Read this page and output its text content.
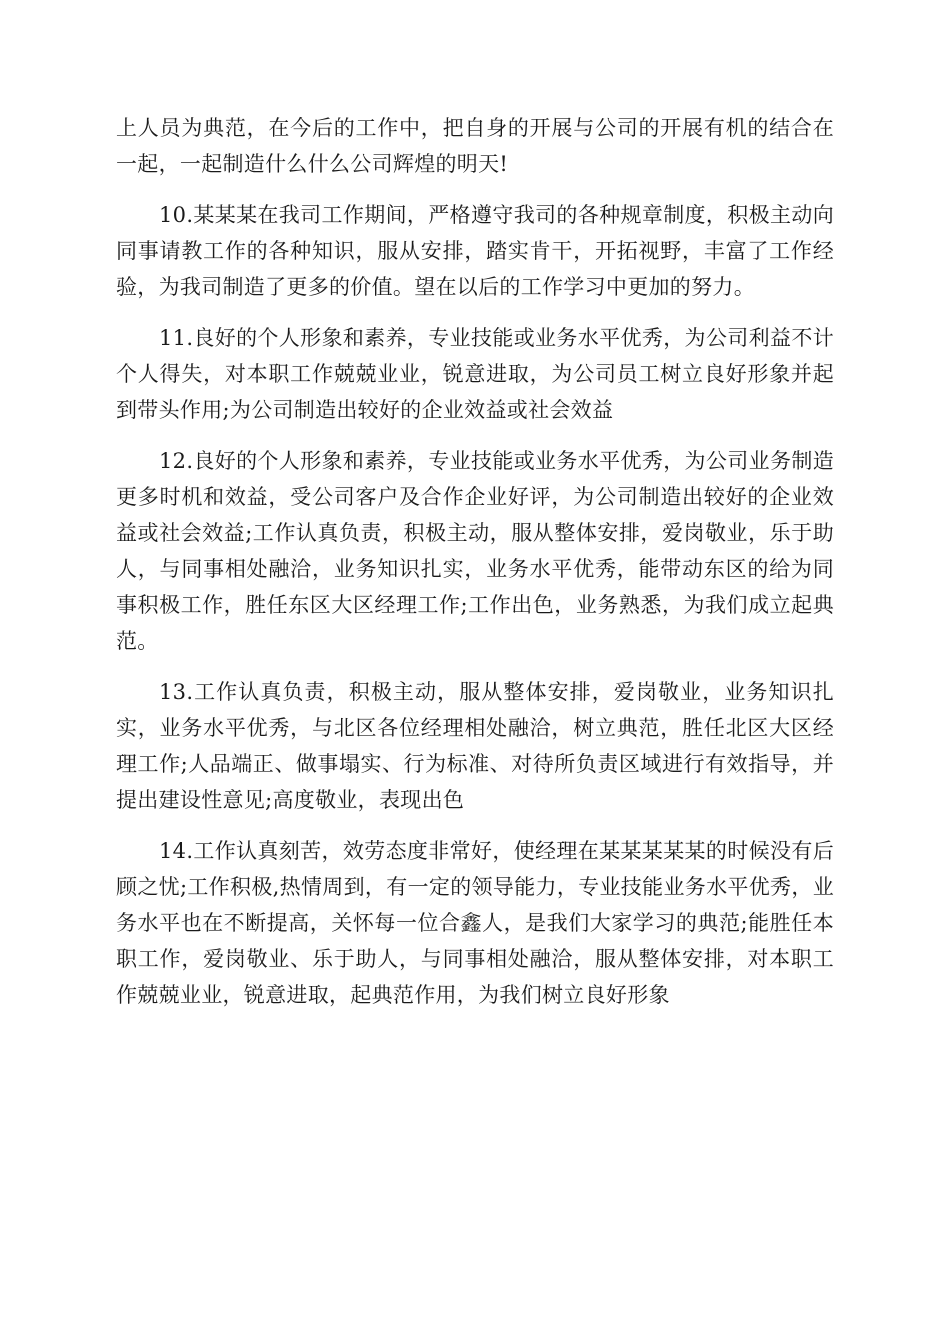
上人员为典范，在今后的工作中，把自身的开展与公司的开展有机的结合在一起，一起制造什么什么公司辉煌的明天!

10.某某某在我司工作期间，严格遵守我司的各种规章制度，积极主动向同事请教工作的各种知识，服从安排，踏实肯干，开拓视野，丰富了工作经验，为我司制造了更多的价值。望在以后的工作学习中更加的努力。

11.良好的个人形象和素养，专业技能或业务水平优秀，为公司利益不计个人得失，对本职工作兢兢业业，锐意进取，为公司员工树立良好形象并起到带头作用;为公司制造出较好的企业效益或社会效益

12.良好的个人形象和素养，专业技能或业务水平优秀，为公司业务制造更多时机和效益，受公司客户及合作企业好评，为公司制造出较好的企业效益或社会效益;工作认真负责，积极主动，服从整体安排，爱岗敬业，乐于助人，与同事相处融洽，业务知识扎实，业务水平优秀，能带动东区的给为同事积极工作，胜任东区大区经理工作;工作出色，业务熟悉，为我们成立起典范。

13.工作认真负责，积极主动，服从整体安排，爱岗敬业，业务知识扎实，业务水平优秀，与北区各位经理相处融洽，树立典范，胜任北区大区经理工作;人品端正、做事塌实、行为标准、对待所负责区域进行有效指导，并提出建设性意见;高度敬业，表现出色

14.工作认真刻苦，效劳态度非常好，使经理在某某某某某的时候没有后顾之忧;工作积极,热情周到，有一定的领导能力，专业技能业务水平优秀，业务水平也在不断提高，关怀每一位合鑫人，是我们大家学习的典范;能胜任本职工作，爱岗敬业、乐于助人，与同事相处融洽，服从整体安排，对本职工作兢兢业业，锐意进取，起典范作用，为我们树立良好形象
